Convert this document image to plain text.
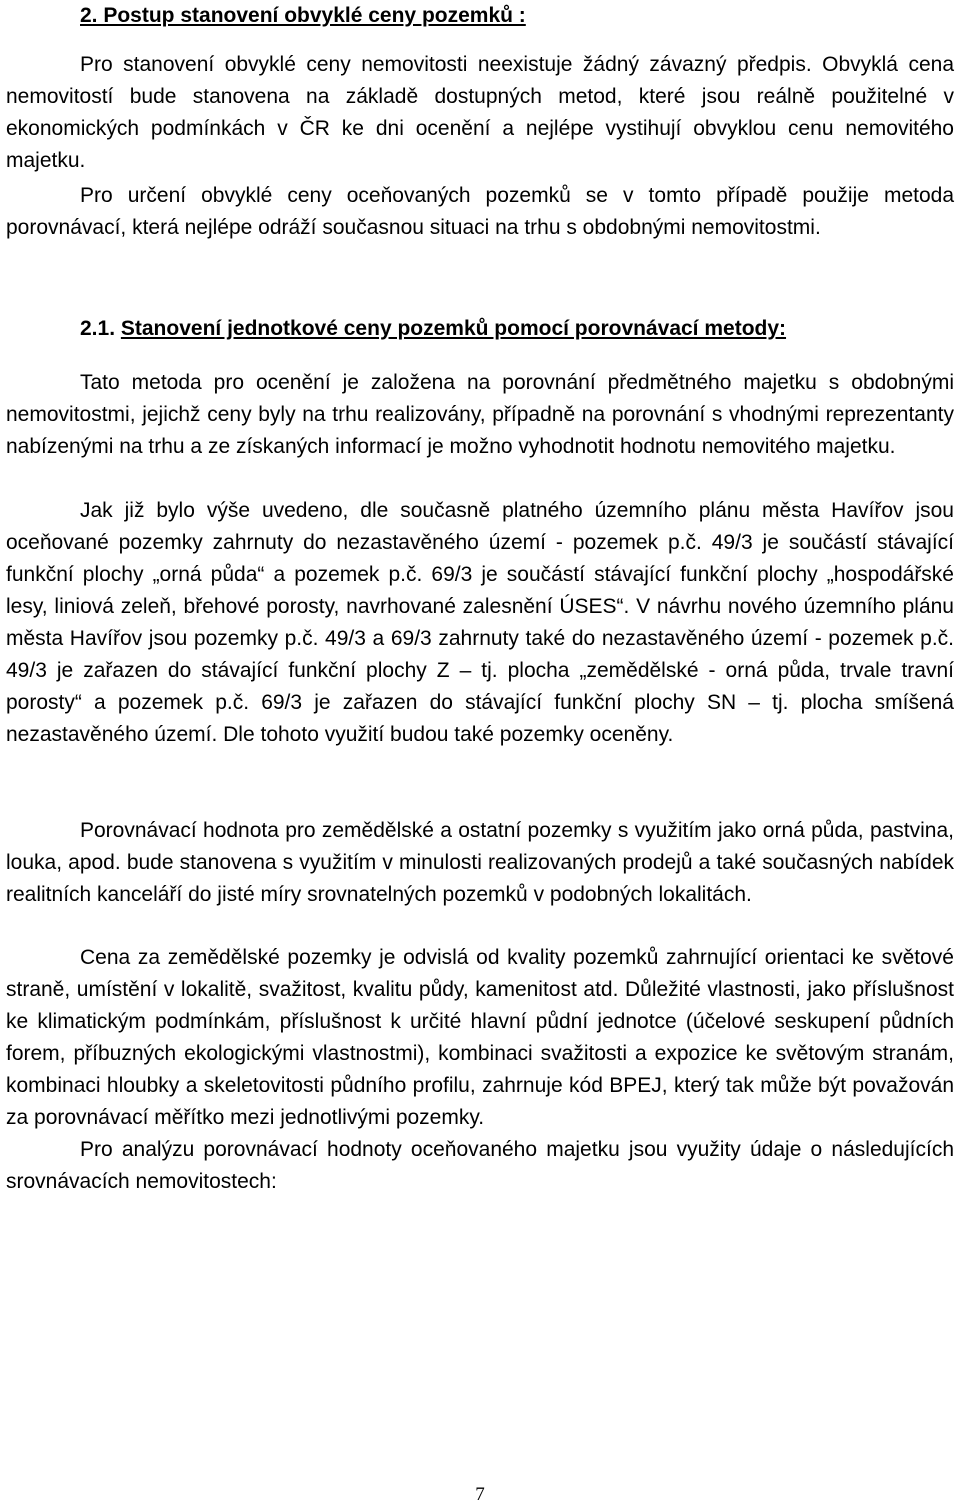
2. Postup stanovení obvyklé ceny pozemků :

Pro stanovení obvyklé ceny nemovitosti neexistuje žádný závazný předpis. Obvyklá cena nemovitostí bude stanovena na základě dostupných metod, které jsou reálně použitelné v ekonomických podmínkách v ČR ke dni ocenění a nejlépe vystihují obvyklou cenu nemovitého majetku.

Pro určení obvyklé ceny oceňovaných pozemků se v tomto případě použije metoda porovnávací, která nejlépe odráží současnou situaci na trhu s obdobnými nemovitostmi.

2.1. Stanovení jednotkové ceny pozemků pomocí porovnávací metody:

Tato metoda pro ocenění je založena na porovnání předmětného majetku s obdobnými nemovitostmi, jejichž ceny byly na trhu realizovány, případně na porovnání s vhodnými reprezentanty nabízenými na trhu a ze získaných informací je možno vyhodnotit hodnotu nemovitého majetku.

Jak již bylo výše uvedeno, dle současně platného územního plánu města Havířov jsou oceňované pozemky zahrnuty do nezastavěného území - pozemek p.č. 49/3 je součástí stávající funkční plochy „orná půda“ a pozemek p.č. 69/3 je součástí stávající funkční plochy „hospodářské lesy, liniová zeleň, břehové porosty, navrhované zalesnění ÚSES“. V návrhu nového územního plánu města Havířov jsou pozemky p.č. 49/3 a 69/3 zahrnuty také do nezastavěného území - pozemek p.č. 49/3 je zařazen do stávající funkční plochy Z – tj. plocha „zemědělské - orná půda, trvale travní porosty“ a pozemek p.č. 69/3 je zařazen do stávající funkční plochy SN – tj. plocha smíšená nezastavěného území. Dle tohoto využití budou také pozemky oceněny.

Porovnávací hodnota pro zemědělské a ostatní pozemky s využitím jako orná půda, pastvina, louka, apod. bude stanovena s využitím v minulosti realizovaných prodejů a také současných nabídek realitních kanceláří do jisté míry srovnatelných pozemků v podobných lokalitách.

Cena za zemědělské pozemky je odvislá od kvality pozemků zahrnující orientaci ke světové straně, umístění v lokalitě, svažitost, kvalitu půdy, kamenitost atd. Důležité vlastnosti, jako příslušnost ke klimatickým podmínkám, příslušnost k určité hlavní půdní jednotce (účelové seskupení půdních forem, příbuzných ekologickými vlastnostmi), kombinaci svažitosti a expozice ke světovým stranám, kombinaci hloubky a skeletovitosti půdního profilu, zahrnuje kód BPEJ, který tak může být považován za porovnávací měřítko mezi jednotlivými pozemky.

Pro analýzu porovnávací hodnoty oceňovaného majetku jsou využity údaje o následujících srovnávacích nemovitostech:

7
